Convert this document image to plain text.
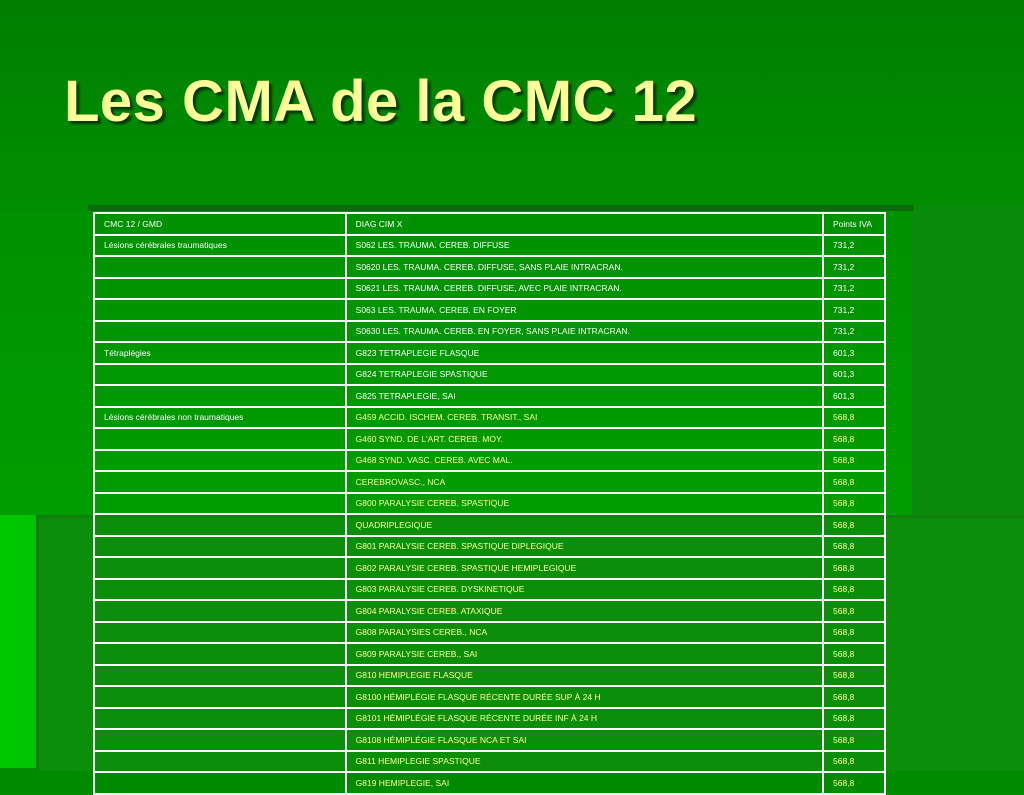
Les CMA de la CMC 12
CMC 12 / GMD	DIAG CIM X	Points IVA
Lésions cérébrales traumatiques	S062 LES. TRAUMA. CEREB. DIFFUSE	731,2
	S0620 LES. TRAUMA. CEREB. DIFFUSE, SANS PLAIE INTRACRAN.	731,2
	S0621 LES. TRAUMA. CEREB. DIFFUSE, AVEC PLAIE INTRACRAN.	731,2
	S063 LES. TRAUMA. CEREB. EN FOYER	731,2
	S0630 LES. TRAUMA. CEREB. EN FOYER, SANS PLAIE INTRACRAN.	731,2
Tétraplégies	G823 TETRAPLEGIE FLASQUE	601,3
	G824 TETRAPLEGIE SPASTIQUE	601,3
	G825 TETRAPLEGIE, SAI	601,3
Lésions cérébrales non traumatiques	G459 ACCID. ISCHEM. CEREB. TRANSIT., SAI	568,8
	G460 SYND. DE L'ART. CEREB. MOY.	568,8
	G468 SYND. VASC. CEREB. AVEC MAL.	568,8
	CEREBROVASC., NCA	568,8
	G800 PARALYSIE CEREB. SPASTIQUE	568,8
	QUADRIPLEGIQUE	568,8
	G801 PARALYSIE CEREB. SPASTIQUE DIPLEGIQUE	568,8
	G802 PARALYSIE CEREB. SPASTIQUE HEMIPLEGIQUE	568,8
	G803 PARALYSIE CEREB. DYSKINETIQUE	568,8
	G804 PARALYSIE CEREB. ATAXIQUE	568,8
	G808 PARALYSIES CEREB., NCA	568,8
	G809 PARALYSIE CEREB., SAI	568,8
	G810 HEMIPLEGIE FLASQUE	568,8
	G8100 HÉMIPLÉGIE FLASQUE RÉCENTE DURÉE SUP À 24 H	568,8
	G8101 HÉMIPLÉGIE FLASQUE RÉCENTE DURÉE INF À 24 H	568,8
	G8108 HÉMIPLÉGIE FLASQUE NCA ET SAI	568,8
	G811 HEMIPLEGIE SPASTIQUE	568,8
	G819 HEMIPLEGIE, SAI	568,8
